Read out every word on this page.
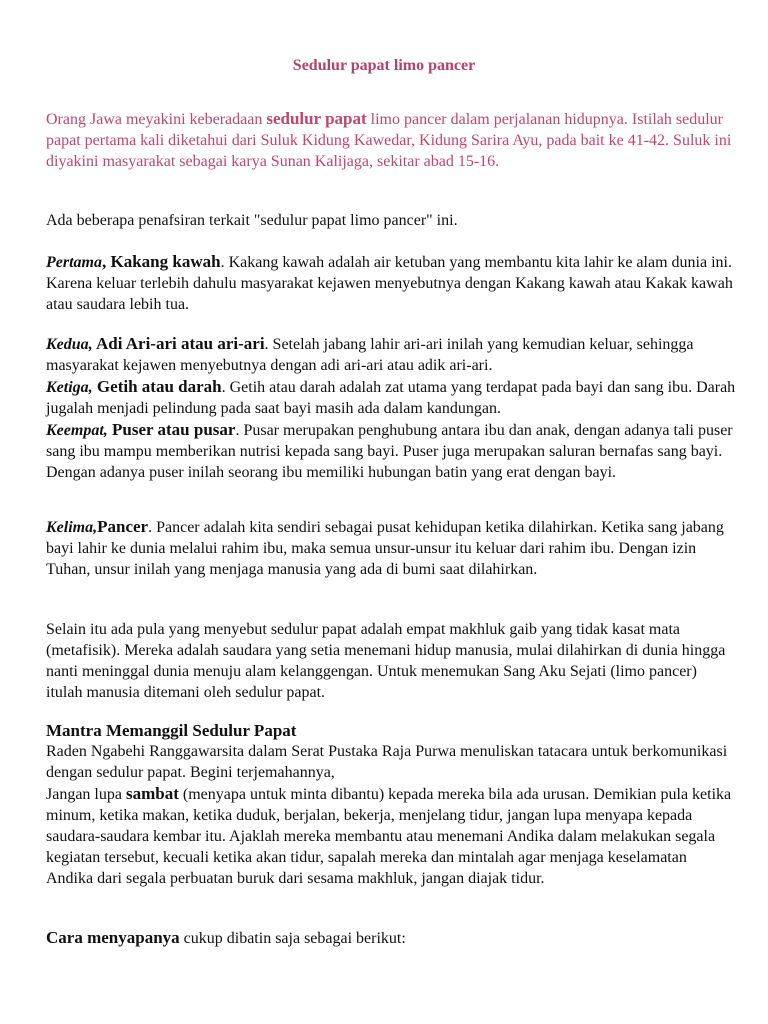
Sedulur papat limo pancer

Orang Jawa meyakini keberadaan sedulur papat limo pancer dalam perjalanan hidupnya. Istilah sedulur papat pertama kali diketahui dari Suluk Kidung Kawedar, Kidung Sarira Ayu, pada bait ke 41-42. Suluk ini diyakini masyarakat sebagai karya Sunan Kalijaga, sekitar abad 15-16.

Ada beberapa penafsiran terkait "sedulur papat limo pancer" ini.

Pertama, Kakang kawah. Kakang kawah adalah air ketuban yang membantu kita lahir ke alam dunia ini. Karena keluar terlebih dahulu masyarakat kejawen menyebutnya dengan Kakang kawah atau Kakak kawah atau saudara lebih tua.

Kedua, Adi Ari-ari atau ari-ari. Setelah jabang lahir ari-ari inilah yang kemudian keluar, sehingga masyarakat kejawen menyebutnya dengan adi ari-ari atau adik ari-ari.

Ketiga, Getih atau darah. Getih atau darah adalah zat utama yang terdapat pada bayi dan sang ibu. Darah jugalah menjadi pelindung pada saat bayi masih ada dalam kandungan.

Keempat, Puser atau pusar. Pusar merupakan penghubung antara ibu dan anak, dengan adanya tali puser sang ibu mampu memberikan nutrisi kepada sang bayi. Puser juga merupakan saluran bernafas sang bayi. Dengan adanya puser inilah seorang ibu memiliki hubungan batin yang erat dengan bayi.

Kelima,Pancer. Pancer adalah kita sendiri sebagai pusat kehidupan ketika dilahirkan. Ketika sang jabang bayi lahir ke dunia melalui rahim ibu, maka semua unsur-unsur itu keluar dari rahim ibu. Dengan izin Tuhan, unsur inilah yang menjaga manusia yang ada di bumi saat dilahirkan.

Selain itu ada pula yang menyebut sedulur papat adalah empat makhluk gaib yang tidak kasat mata (metafisik). Mereka adalah saudara yang setia menemani hidup manusia, mulai dilahirkan di dunia hingga nanti meninggal dunia menuju alam kelanggengan. Untuk menemukan Sang Aku Sejati (limo pancer) itulah manusia ditemani oleh sedulur papat.

Mantra Memanggil Sedulur Papat

Raden Ngabehi Ranggawarsita dalam Serat Pustaka Raja Purwa menuliskan tatacara untuk berkomunikasi dengan sedulur papat. Begini terjemahannya,

Jangan lupa sambat (menyapa untuk minta dibantu) kepada mereka bila ada urusan. Demikian pula ketika minum, ketika makan, ketika duduk, berjalan, bekerja, menjelang tidur, jangan lupa menyapa kepada saudara-saudara kembar itu. Ajaklah mereka membantu atau menemani Andika dalam melakukan segala kegiatan tersebut, kecuali ketika akan tidur, sapalah mereka dan mintalah agar menjaga keselamatan Andika dari segala perbuatan buruk dari sesama makhluk, jangan diajak tidur.

Cara menyapanya cukup dibatin saja sebagai berikut:
